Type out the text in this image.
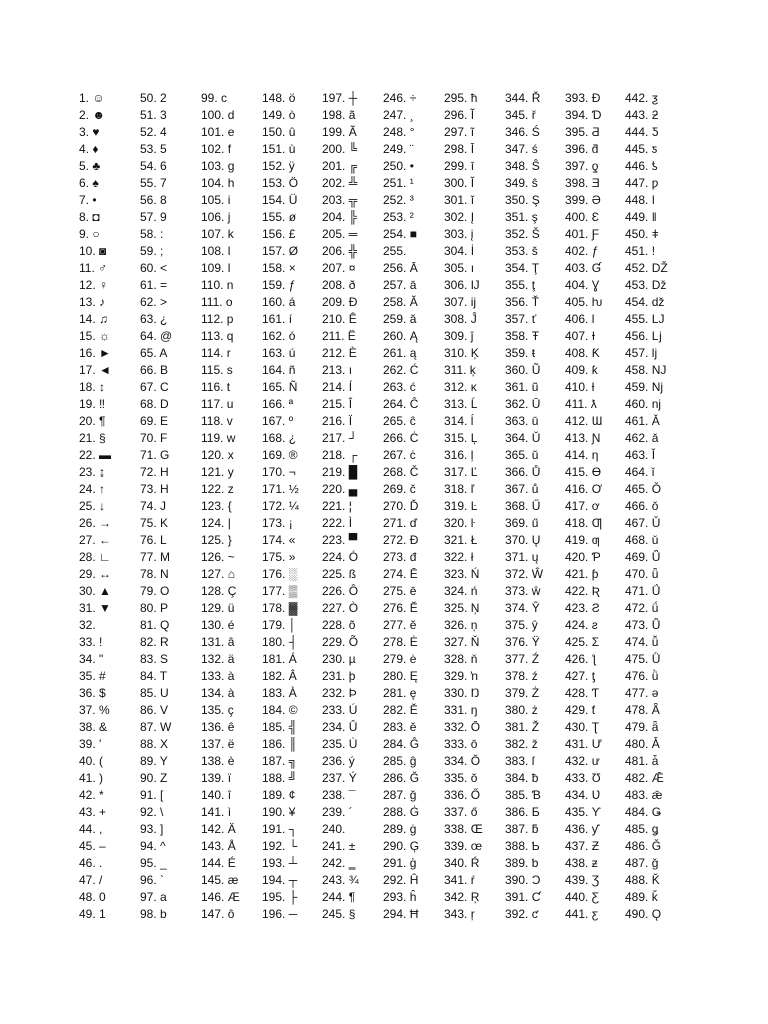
1. ☺
2. ☻
3. ♥
4. ♦
5. ♣
6. ♠
7. •
8. ◘
9. ○
10. ◙
11. ♂
12. ♀
13. ♪
14. ♫
15. ☼
16. ►
17. ◄
18. ↕
19. ‼
20. ¶
21. §
22. ▬
23. ↨
24. ↑
25. ↓
26. →
27. ←
28. ∟
29. ↔
30. ▲
31. ▼
32.
33. !
34. "
35. #
36. $
37. %
38. &
39. '
40. (
41. )
42. *
43. +
44. ,
45. –
46. .
47. /
48. 0
49. 1
50. 2
51. 3
52. 4
53. 5
54. 6
55. 7
56. 8
57. 9
58. :
59. ;
60. <
61. =
62. >
63. ¿
64. @
65. A
66. B
67. C
68. D
69. E
70. F
71. G
72. H
73. H
74. J
75. K
76. L
77. M
78. N
79. O
80. P
81. Q
82. R
83. S
84. T
85. U
86. V
87. W
88. X
89. Y
90. Z
91. [
92. \
93. ]
94. ^
95. _
96. `
97. a
98. b
99. c
100. d
101. e
102. f
103. g
104. h
105. i
106. j
107. k
108. l
109. l
110. n
111. o
112. p
113. q
114. r
115. s
116. t
117. u
118. v
119. w
120. x
121. y
122. z
123. {
124. |
125. }
126. ~
127. ⌂
128. Ç
129. ü
130. é
131. â
132. ä
133. à
134. à
135. ç
136. ê
137. ë
138. è
139. ï
140. î
141. ì
142. Ä
143. Å
144. É
145. æ
146. Æ
147. ô
148. ö
149. ò
150. û
151. ù
152. ÿ
153. Ö
154. Ü
155. ø
156. £
157. Ø
158. ×
159. ƒ
160. á
161. í
162. ó
163. ú
164. ñ
165. Ñ
166. ª
167. º
168. ¿
169. ®
170. ¬
171. ½
172. ¼
173. ¡
174. «
175. »
176. ░
177. ▒
178. ▓
179. │
180. ┤
181. Á
182. Â
183. À
184. ©
185. ╣
186. ║
187. ╗
188. ╝
189. ¢
190. ¥
191. ┐
192. └
193. ┴
194. ┬
195. ├
196. ─
197. ┼
198. ã
199. Ã
200. ╚
201. ╔
202. ╩
203. ╦
204. ╠
205. ═
206. ╬
207. ¤
208. ð
209. Ð
210. Ê
211. Ë
212. È
213. ı
214. Í
215. Î
216. Ï
217. ┘
218. ┌
219. █
220. ▄
221. ¦
222. Ì
223. ▀
224. Ó
225. ß
226. Ô
227. Ò
228. õ
229. Õ
230. µ
231. þ
232. Þ
233. Ú
234. Û
235. Ù
236. ý
237. Ý
238. ¯
239. ´
240.
241. ±
242. ‗
243. ¾
244. ¶
245. §
246. ÷
247. ¸
248. °
249. ¨
250. •
251. ¹
252. ³
253. ²
254. ■
255.
256. Ā
257. ā
258. Ă
259. ă
260. Ą
261. ą
262. Ć
263. ć
264. Ĉ
265. ĉ
266. Ċ
267. ċ
268. Č
269. č
270. Ď
271. ď
272. Đ
273. đ
274. Ē
275. ē
276. Ĕ
277. ĕ
278. Ė
279. ė
280. Ę
281. ę
282. Ě
283. ě
284. Ĝ
285. ĝ
286. Ğ
287. ğ
288. Ġ
289. ġ
290. Ģ
291. ģ
292. Ĥ
293. ĥ
294. Ħ
295. ħ
296. Ĩ
297. ĩ
298. Ī
299. ī
300. Ĭ
301. ĭ
302. Į
303. į
304. İ
305. ı
306. Ĳ
307. ĳ
308. Ĵ
309. ĵ
310. Ķ
311. ķ
312. ĸ
313. Ĺ
314. ĺ
315. Ļ
316. ļ
317. Ľ
318. ľ
319. Ŀ
320. ŀ
321. Ł
322. ł
323. Ń
324. ń
325. Ņ
326. ņ
327. Ň
328. ň
329. ŉ
330. Ŋ
331. ŋ
332. Ō
333. ō
334. Ŏ
335. ŏ
336. Ő
337. ő
338. Œ
339. œ
340. Ŕ
341. ŕ
342. Ŗ
343. ŗ
344. Ř
345. ř
346. Ś
347. ś
348. Ŝ
349. ŝ
350. Ş
351. ş
352. Š
353. š
354. Ţ
355. ţ
356. Ť
357. ť
358. Ŧ
359. ŧ
360. Ũ
361. ũ
362. Ū
363. ū
364. Ŭ
365. ŭ
366. Ů
367. ů
368. Ű
369. ű
370. Ų
371. ų
372. Ŵ
373. ŵ
374. Ŷ
375. ŷ
376. Ÿ
377. Ź
378. ź
379. Ż
380. ż
381. Ž
382. ž
383. ſ
384. ƀ
385. Ɓ
386. Ƃ
387. ƃ
388. Ƅ
389. ƅ
390. Ɔ
391. Ƈ
392. ƈ
393. Ɖ
394. Ɗ
395. Ƌ
396. ƌ
397. ƍ
398. Ǝ
399. Ə
400. Ɛ
401. Ƒ
402. ƒ
403. Ɠ
404. Ɣ
405. ƕ
406. Ɩ
407. Ɨ
408. Ƙ
409. ƙ
410. ƚ
411. ƛ
412. Ɯ
413. Ɲ
414. ƞ
415. Ɵ
416. Ơ
417. ơ
418. Ƣ
419. ƣ
420. Ƥ
421. ƥ
422. Ʀ
423. Ƨ
424. ƨ
425. Ʃ
426. ƪ
427. ƫ
428. Ƭ
429. ƭ
430. Ʈ
431. Ư
432. ư
433. Ʊ
434. Ʋ
435. Ƴ
436. ƴ
437. Ƶ
438. ƶ
439. Ʒ
440. Ƹ
441. ƹ
442. ƺ
443. ƻ
444. Ƽ
445. ƽ
446. ƾ
447. ƿ
448. ǀ
449. ǁ
450. ǂ
451. ǃ
452. Ǆ
453. ǅ
454. ǆ
455. Ǉ
456. ǈ
457. ǉ
458. Ǌ
459. ǋ
460. ǌ
461. Ǎ
462. ǎ
463. Ǐ
464. ǐ
465. Ǒ
466. ǒ
467. Ǔ
468. ǔ
469. Ǖ
470. ǖ
471. Ǘ
472. ǘ
473. Ǚ
474. ǚ
475. Ǜ
476. ǜ
477. ǝ
478. Ǟ
479. ǟ
480. Ǡ
481. ǡ
482. Ǣ
483. ǣ
484. Ǥ
485. ǥ
486. Ǧ
487. ǧ
488. Ǩ
489. ǩ
490. Ǫ
